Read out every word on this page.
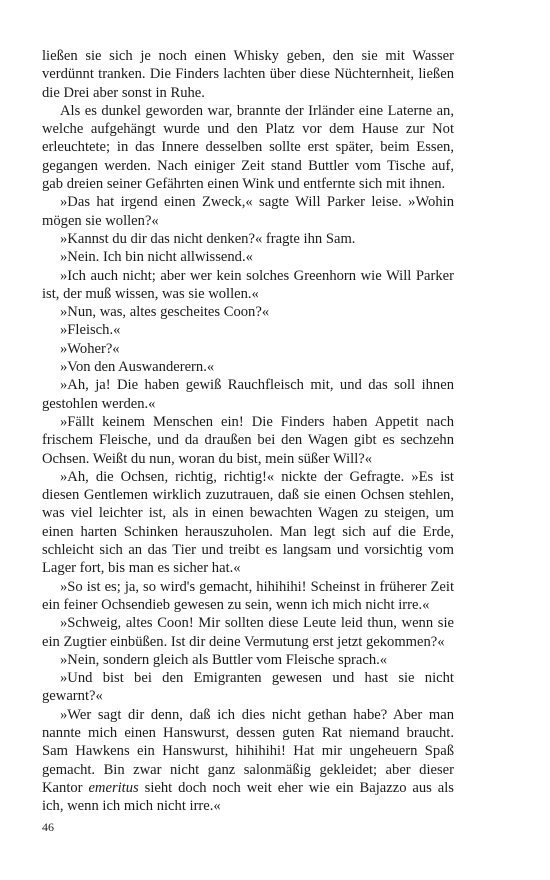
ließen sie sich je noch einen Whisky geben, den sie mit Wasser verdünnt tranken. Die Finders lachten über diese Nüchternheit, ließen die Drei aber sonst in Ruhe.

Als es dunkel geworden war, brannte der Irländer eine Laterne an, welche aufgehängt wurde und den Platz vor dem Hause zur Not erleuchtete; in das Innere desselben sollte erst später, beim Essen, gegangen werden. Nach einiger Zeit stand Buttler vom Tische auf, gab dreien seiner Gefährten einen Wink und entfernte sich mit ihnen.

»Das hat irgend einen Zweck,« sagte Will Parker leise. »Wohin mögen sie wollen?«

»Kannst du dir das nicht denken?« fragte ihn Sam.

»Nein. Ich bin nicht allwissend.«

»Ich auch nicht; aber wer kein solches Greenhorn wie Will Parker ist, der muß wissen, was sie wollen.«

»Nun, was, altes gescheites Coon?«

»Fleisch.«

»Woher?«

»Von den Auswanderern.«

»Ah, ja! Die haben gewiß Rauchfleisch mit, und das soll ihnen gestohlen werden.«

»Fällt keinem Menschen ein! Die Finders haben Appetit nach frischem Fleische, und da draußen bei den Wagen gibt es sechzehn Ochsen. Weißt du nun, woran du bist, mein süßer Will?«

»Ah, die Ochsen, richtig, richtig!« nickte der Gefragte. »Es ist diesen Gentlemen wirklich zuzutrauen, daß sie einen Ochsen stehlen, was viel leichter ist, als in einen bewachten Wagen zu steigen, um einen harten Schinken herauszuholen. Man legt sich auf die Erde, schleicht sich an das Tier und treibt es langsam und vorsichtig vom Lager fort, bis man es sicher hat.«

»So ist es; ja, so wird's gemacht, hihihihi! Scheinst in früherer Zeit ein feiner Ochsendieb gewesen zu sein, wenn ich mich nicht irre.«

»Schweig, altes Coon! Mir sollten diese Leute leid thun, wenn sie ein Zugtier einbüßen. Ist dir deine Vermutung erst jetzt gekommen?«

»Nein, sondern gleich als Buttler vom Fleische sprach.«

»Und bist bei den Emigranten gewesen und hast sie nicht gewarnt?«

»Wer sagt dir denn, daß ich dies nicht gethan habe? Aber man nannte mich einen Hanswurst, dessen guten Rat niemand braucht. Sam Hawkens ein Hanswurst, hihihihi! Hat mir ungeheuern Spaß gemacht. Bin zwar nicht ganz salonmäßig gekleidet; aber dieser Kantor emeritus sieht doch noch weit eher wie ein Bajazzo aus als ich, wenn ich mich nicht irre.«

46
